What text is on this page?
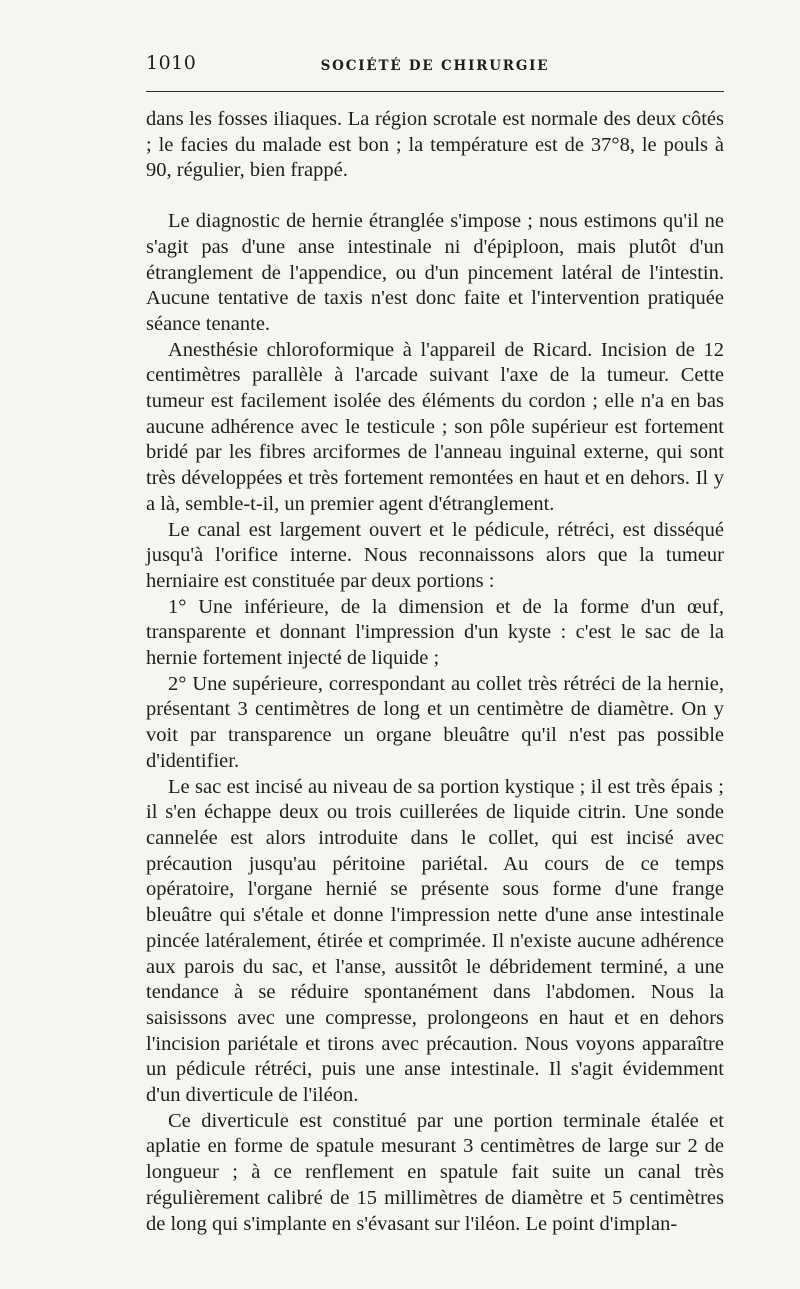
1010	SOCIÉTÉ DE CHIRURGIE

dans les fosses iliaques. La région scrotale est normale des deux côtés ; le facies du malade est bon ; la température est de 37°8, le pouls à 90, régulier, bien frappé.

Le diagnostic de hernie étranglée s'impose ; nous estimons qu'il ne s'agit pas d'une anse intestinale ni d'épiploon, mais plutôt d'un étranglement de l'appendice, ou d'un pincement latéral de l'intestin. Aucune tentative de taxis n'est donc faite et l'intervention pratiquée séance tenante.

Anesthésie chloroformique à l'appareil de Ricard. Incision de 12 centimètres parallèle à l'arcade suivant l'axe de la tumeur. Cette tumeur est facilement isolée des éléments du cordon ; elle n'a en bas aucune adhérence avec le testicule ; son pôle supérieur est fortement bridé par les fibres arciformes de l'anneau inguinal externe, qui sont très développées et très fortement remontées en haut et en dehors. Il y a là, semble-t-il, un premier agent d'étranglement.

Le canal est largement ouvert et le pédicule, rétréci, est disséqué jusqu'à l'orifice interne. Nous reconnaissons alors que la tumeur herniaire est constituée par deux portions :

1° Une inférieure, de la dimension et de la forme d'un œuf, transparente et donnant l'impression d'un kyste : c'est le sac de la hernie fortement injecté de liquide ;

2° Une supérieure, correspondant au collet très rétréci de la hernie, présentant 3 centimètres de long et un centimètre de diamètre. On y voit par transparence un organe bleuâtre qu'il n'est pas possible d'identifier.

Le sac est incisé au niveau de sa portion kystique ; il est très épais ; il s'en échappe deux ou trois cuillerées de liquide citrin. Une sonde cannelée est alors introduite dans le collet, qui est incisé avec précaution jusqu'au péritoine pariétal. Au cours de ce temps opératoire, l'organe hernié se présente sous forme d'une frange bleuâtre qui s'étale et donne l'impression nette d'une anse intestinale pincée latéralement, étirée et comprimée. Il n'existe aucune adhérence aux parois du sac, et l'anse, aussitôt le débridement terminé, a une tendance à se réduire spontanément dans l'abdomen. Nous la saisissons avec une compresse, prolongeons en haut et en dehors l'incision pariétale et tirons avec précaution. Nous voyons apparaître un pédicule rétréci, puis une anse intestinale. Il s'agit évidemment d'un diverticule de l'iléon.

Ce diverticule est constitué par une portion terminale étalée et aplatie en forme de spatule mesurant 3 centimètres de large sur 2 de longueur ; à ce renflement en spatule fait suite un canal très régulièrement calibré de 15 millimètres de diamètre et 5 centimètres de long qui s'implante en s'évasant sur l'iléon. Le point d'implan-
